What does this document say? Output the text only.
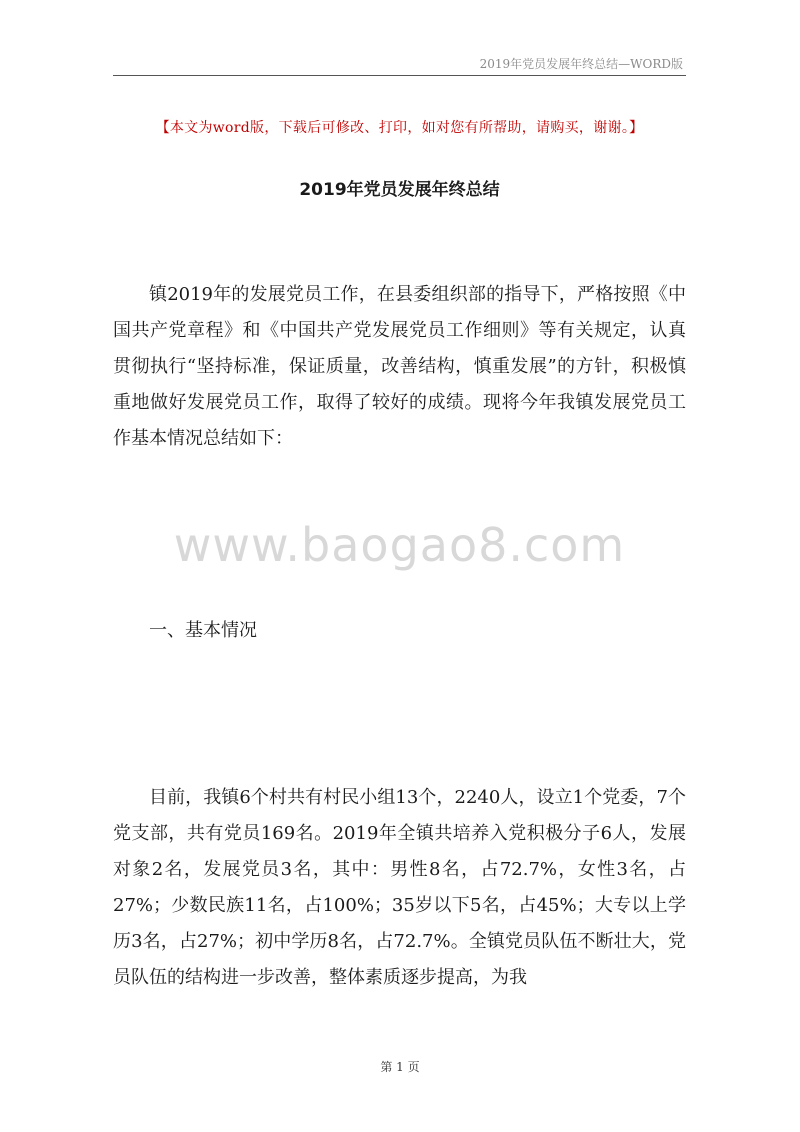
2019年党员发展年终总结—WORD版
【本文为word版，下载后可修改、打印，如对您有所帮助，请购买，谢谢。】
2019年党员发展年终总结

镇2019年的发展党员工作，在县委组织部的指导下，严格按照《中国共产党章程》和《中国共产党发展党员工作细则》等有关规定，认真贯彻执行“坚持标准，保证质量，改善结构，慎重发展”的方针，积极慎重地做好发展党员工作，取得了较好的成绩。现将今年我镇发展党员工作基本情况总结如下：

www.baogao8.com
一、基本情况

目前，我镇6个村共有村民小组13个，2240人，设立1个党委，7个党支部，共有党员169名。2019年全镇共培养入党积极分子6人，发展对象2名，发展党员3名，其中：男性8名，占72.7%，女性3名，占27%；少数民族11名，占100%；35岁以下5名，占45%；大专以上学历3名，占27%；初中学历8名，占72.7%。全镇党员队伍不断壮大，党员队伍的结构进一步改善，整体素质逐步提高，为我

第 1 页
